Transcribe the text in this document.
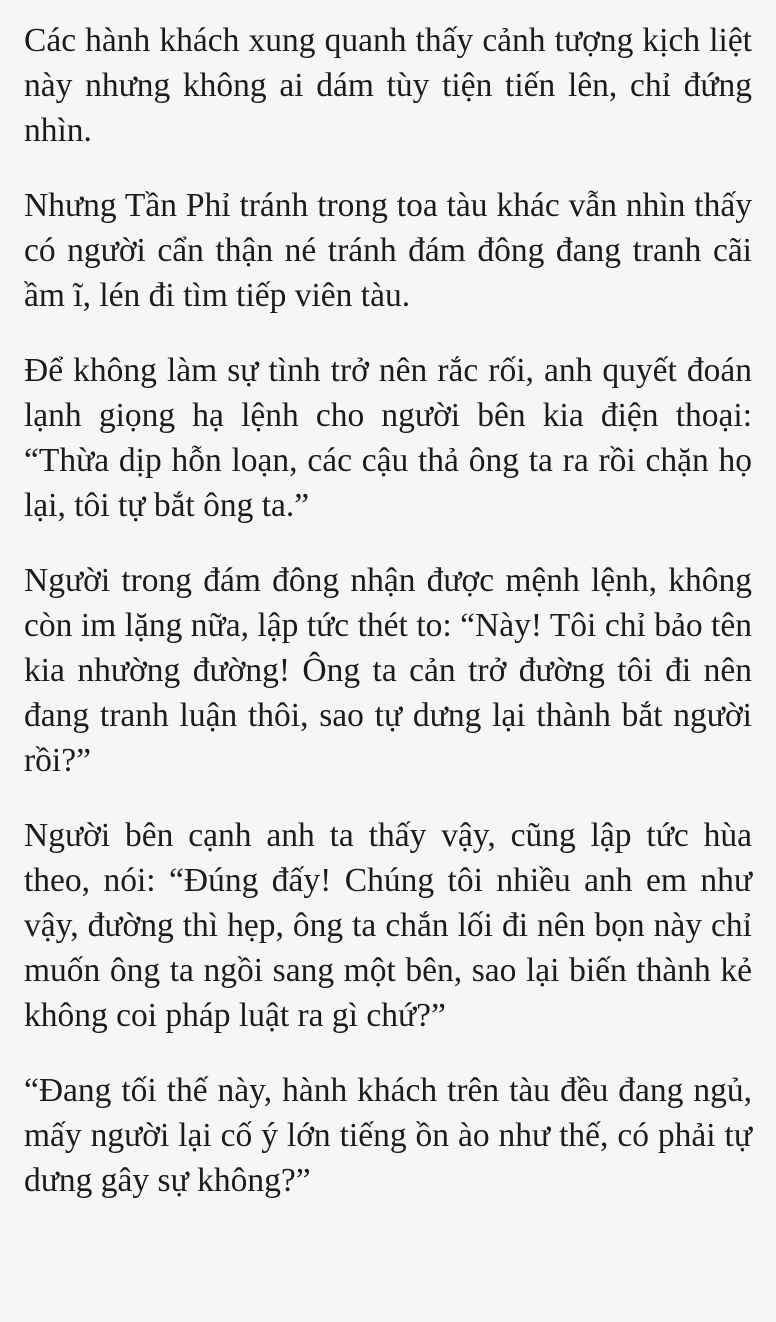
Các hành khách xung quanh thấy cảnh tượng kịch liệt này nhưng không ai dám tùy tiện tiến lên, chỉ đứng nhìn.

Nhưng Tần Phỉ tránh trong toa tàu khác vẫn nhìn thấy có người cẩn thận né tránh đám đông đang tranh cãi ầm ĩ, lén đi tìm tiếp viên tàu.

Để không làm sự tình trở nên rắc rối, anh quyết đoán lạnh giọng hạ lệnh cho người bên kia điện thoại: “Thừa dịp hỗn loạn, các cậu thả ông ta ra rồi chặn họ lại, tôi tự bắt ông ta.”

Người trong đám đông nhận được mệnh lệnh, không còn im lặng nữa, lập tức thét to: “Này! Tôi chỉ bảo tên kia nhường đường! Ông ta cản trở đường tôi đi nên đang tranh luận thôi, sao tự dưng lại thành bắt người rồi?”

Người bên cạnh anh ta thấy vậy, cũng lập tức hùa theo, nói: “Đúng đấy! Chúng tôi nhiều anh em như vậy, đường thì hẹp, ông ta chắn lối đi nên bọn này chỉ muốn ông ta ngồi sang một bên, sao lại biến thành kẻ không coi pháp luật ra gì chứ?”

“Đang tối thế này, hành khách trên tàu đều đang ngủ, mấy người lại cố ý lớn tiếng ồn ào như thế, có phải tự dưng gây sự không?”
